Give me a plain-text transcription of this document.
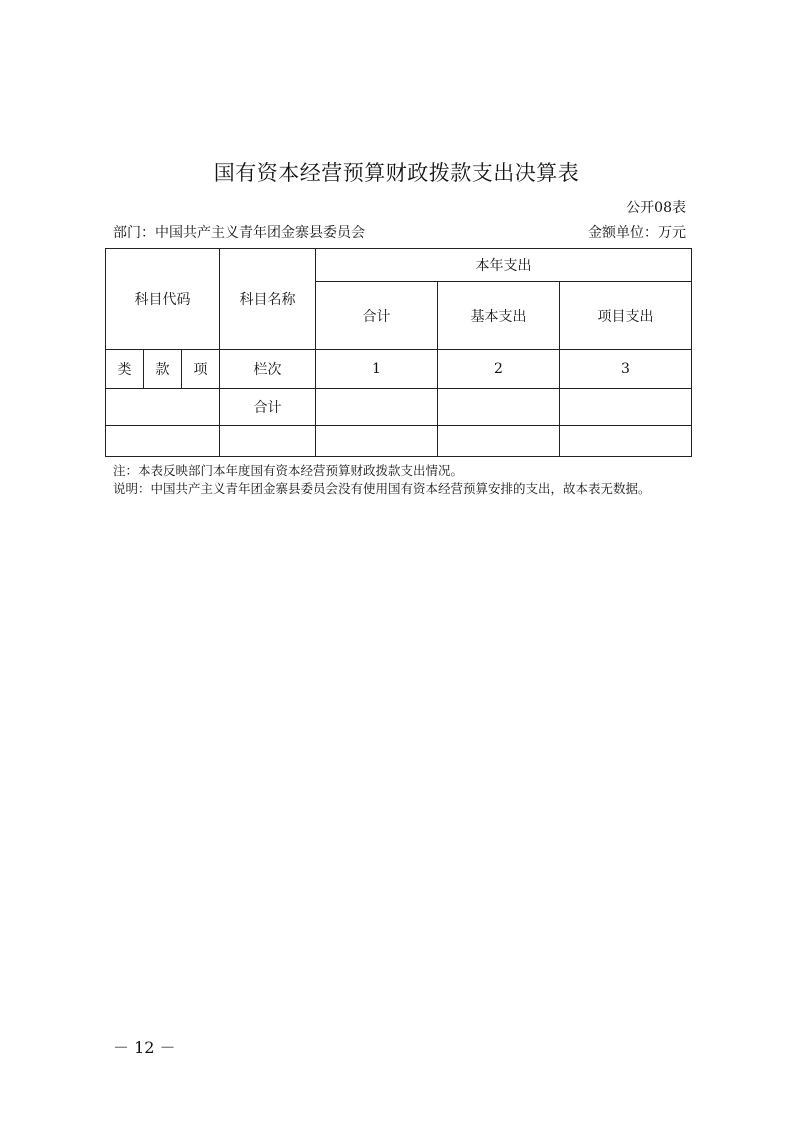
国有资本经营预算财政拨款支出决算表
公开08表
部门：中国共产主义青年团金寨县委员会	金额单位：万元
科目代码			科目名称	本年支出		
				合计	基本支出	项目支出
类	款	项	栏次	1	2	3
			合计			

注：本表反映部门本年度国有资本经营预算财政拨款支出情况。
说明：中国共产主义青年团金寨县委员会没有使用国有资本经营预算安排的支出，故本表无数据。
－ 12 －
